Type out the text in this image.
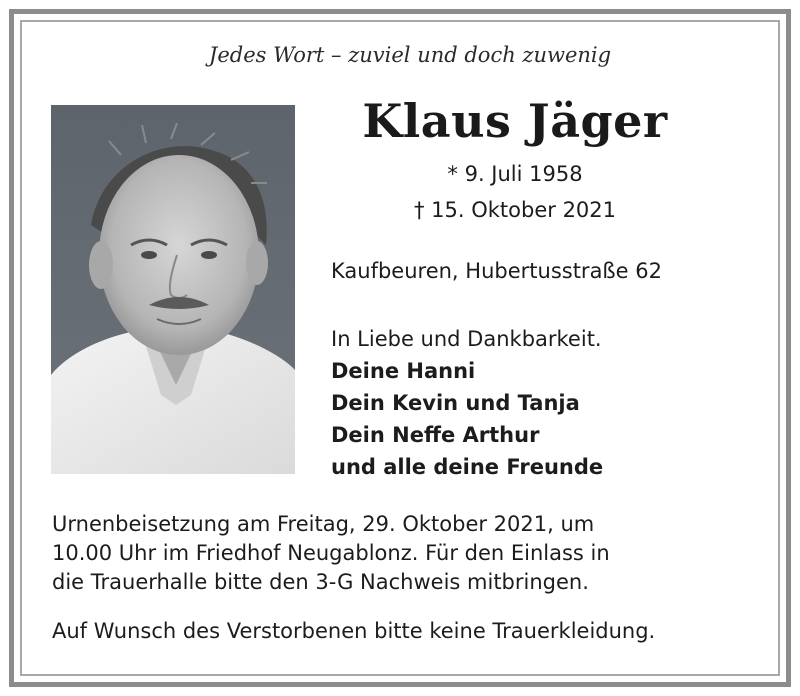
Jedes Wort – zuviel und doch zuwenig
Klaus Jäger
* 9. Juli 1958
† 15. Oktober 2021
Kaufbeuren, Hubertusstraße 62
In Liebe und Dankbarkeit.
Deine Hanni
Dein Kevin und Tanja
Dein Neffe Arthur
und alle deine Freunde
Urnenbeisetzung am Freitag, 29. Oktober 2021, um
10.00 Uhr im Friedhof Neugablonz. Für den Einlass in
die Trauerhalle bitte den 3-G Nachweis mitbringen.
Auf Wunsch des Verstorbenen bitte keine Trauerkleidung.
